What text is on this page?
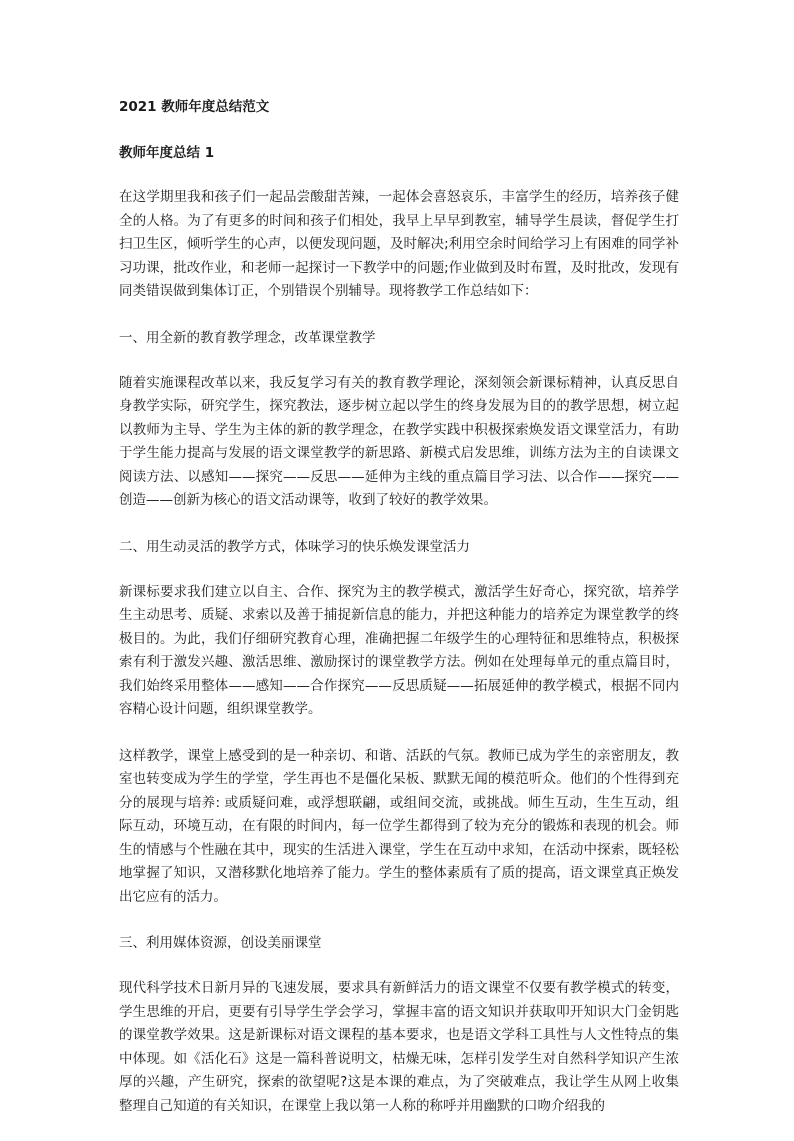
2021 教师年度总结范文
教师年度总结 1

在这学期里我和孩子们一起品尝酸甜苦辣，一起体会喜怒哀乐，丰富学生的经历，培养孩子健全的人格。为了有更多的时间和孩子们相处，我早上早早到教室，辅导学生晨读，督促学生打扫卫生区，倾听学生的心声，以便发现问题，及时解决;利用空余时间给学习上有困难的同学补习功课，批改作业，和老师一起探讨一下教学中的问题;作业做到及时布置，及时批改，发现有同类错误做到集体订正，个别错误个别辅导。现将教学工作总结如下：

一、用全新的教育教学理念，改革课堂教学

随着实施课程改革以来，我反复学习有关的教育教学理论，深刻领会新课标精神，认真反思自身教学实际，研究学生，探究教法，逐步树立起以学生的终身发展为目的的教学思想，树立起以教师为主导、学生为主体的新的教学理念，在教学实践中积极探索焕发语文课堂活力，有助于学生能力提高与发展的语文课堂教学的新思路、新模式启发思维，训练方法为主的自读课文阅读方法、以感知——探究——反思——延伸为主线的重点篇目学习法、以合作——探究——创造——创新为核心的语文活动课等，收到了较好的教学效果。

二、用生动灵活的教学方式，体味学习的快乐焕发课堂活力

新课标要求我们建立以自主、合作、探究为主的教学模式，激活学生好奇心，探究欲，培养学生主动思考、质疑、求索以及善于捕捉新信息的能力，并把这种能力的培养定为课堂教学的终极目的。为此，我们仔细研究教育心理，准确把握二年级学生的心理特征和思维特点，积极探索有利于激发兴趣、激活思维、激励探讨的课堂教学方法。例如在处理每单元的重点篇目时，我们始终采用整体——感知——合作探究——反思质疑——拓展延伸的教学模式，根据不同内容精心设计问题，组织课堂教学。

这样教学，课堂上感受到的是一种亲切、和谐、活跃的气氛。教师已成为学生的亲密朋友，教室也转变成为学生的学堂，学生再也不是僵化呆板、默默无闻的模范听众。他们的个性得到充分的展现与培养: 或质疑问难，或浮想联翩，或组间交流，或挑战。师生互动，生生互动，组际互动，环境互动，在有限的时间内，每一位学生都得到了较为充分的锻炼和表现的机会。师生的情感与个性融在其中，现实的生活进入课堂，学生在互动中求知，在活动中探索，既轻松地掌握了知识，又潜移默化地培养了能力。学生的整体素质有了质的提高，语文课堂真正焕发出它应有的活力。

三、利用媒体资源，创设美丽课堂

现代科学技术日新月异的飞速发展，要求具有新鲜活力的语文课堂不仅要有教学模式的转变，学生思维的开启，更要有引导学生学会学习，掌握丰富的语文知识并获取叩开知识大门金钥匙的课堂教学效果。这是新课标对语文课程的基本要求，也是语文学科工具性与人文性特点的集中体现。如《活化石》这是一篇科普说明文，枯燥无味，怎样引发学生对自然科学知识产生浓厚的兴趣，产生研究，探索的欲望呢?这是本课的难点，为了突破难点，我让学生从网上收集整理自己知道的有关知识，在课堂上我以第一人称的称呼并用幽默的口吻介绍我的
